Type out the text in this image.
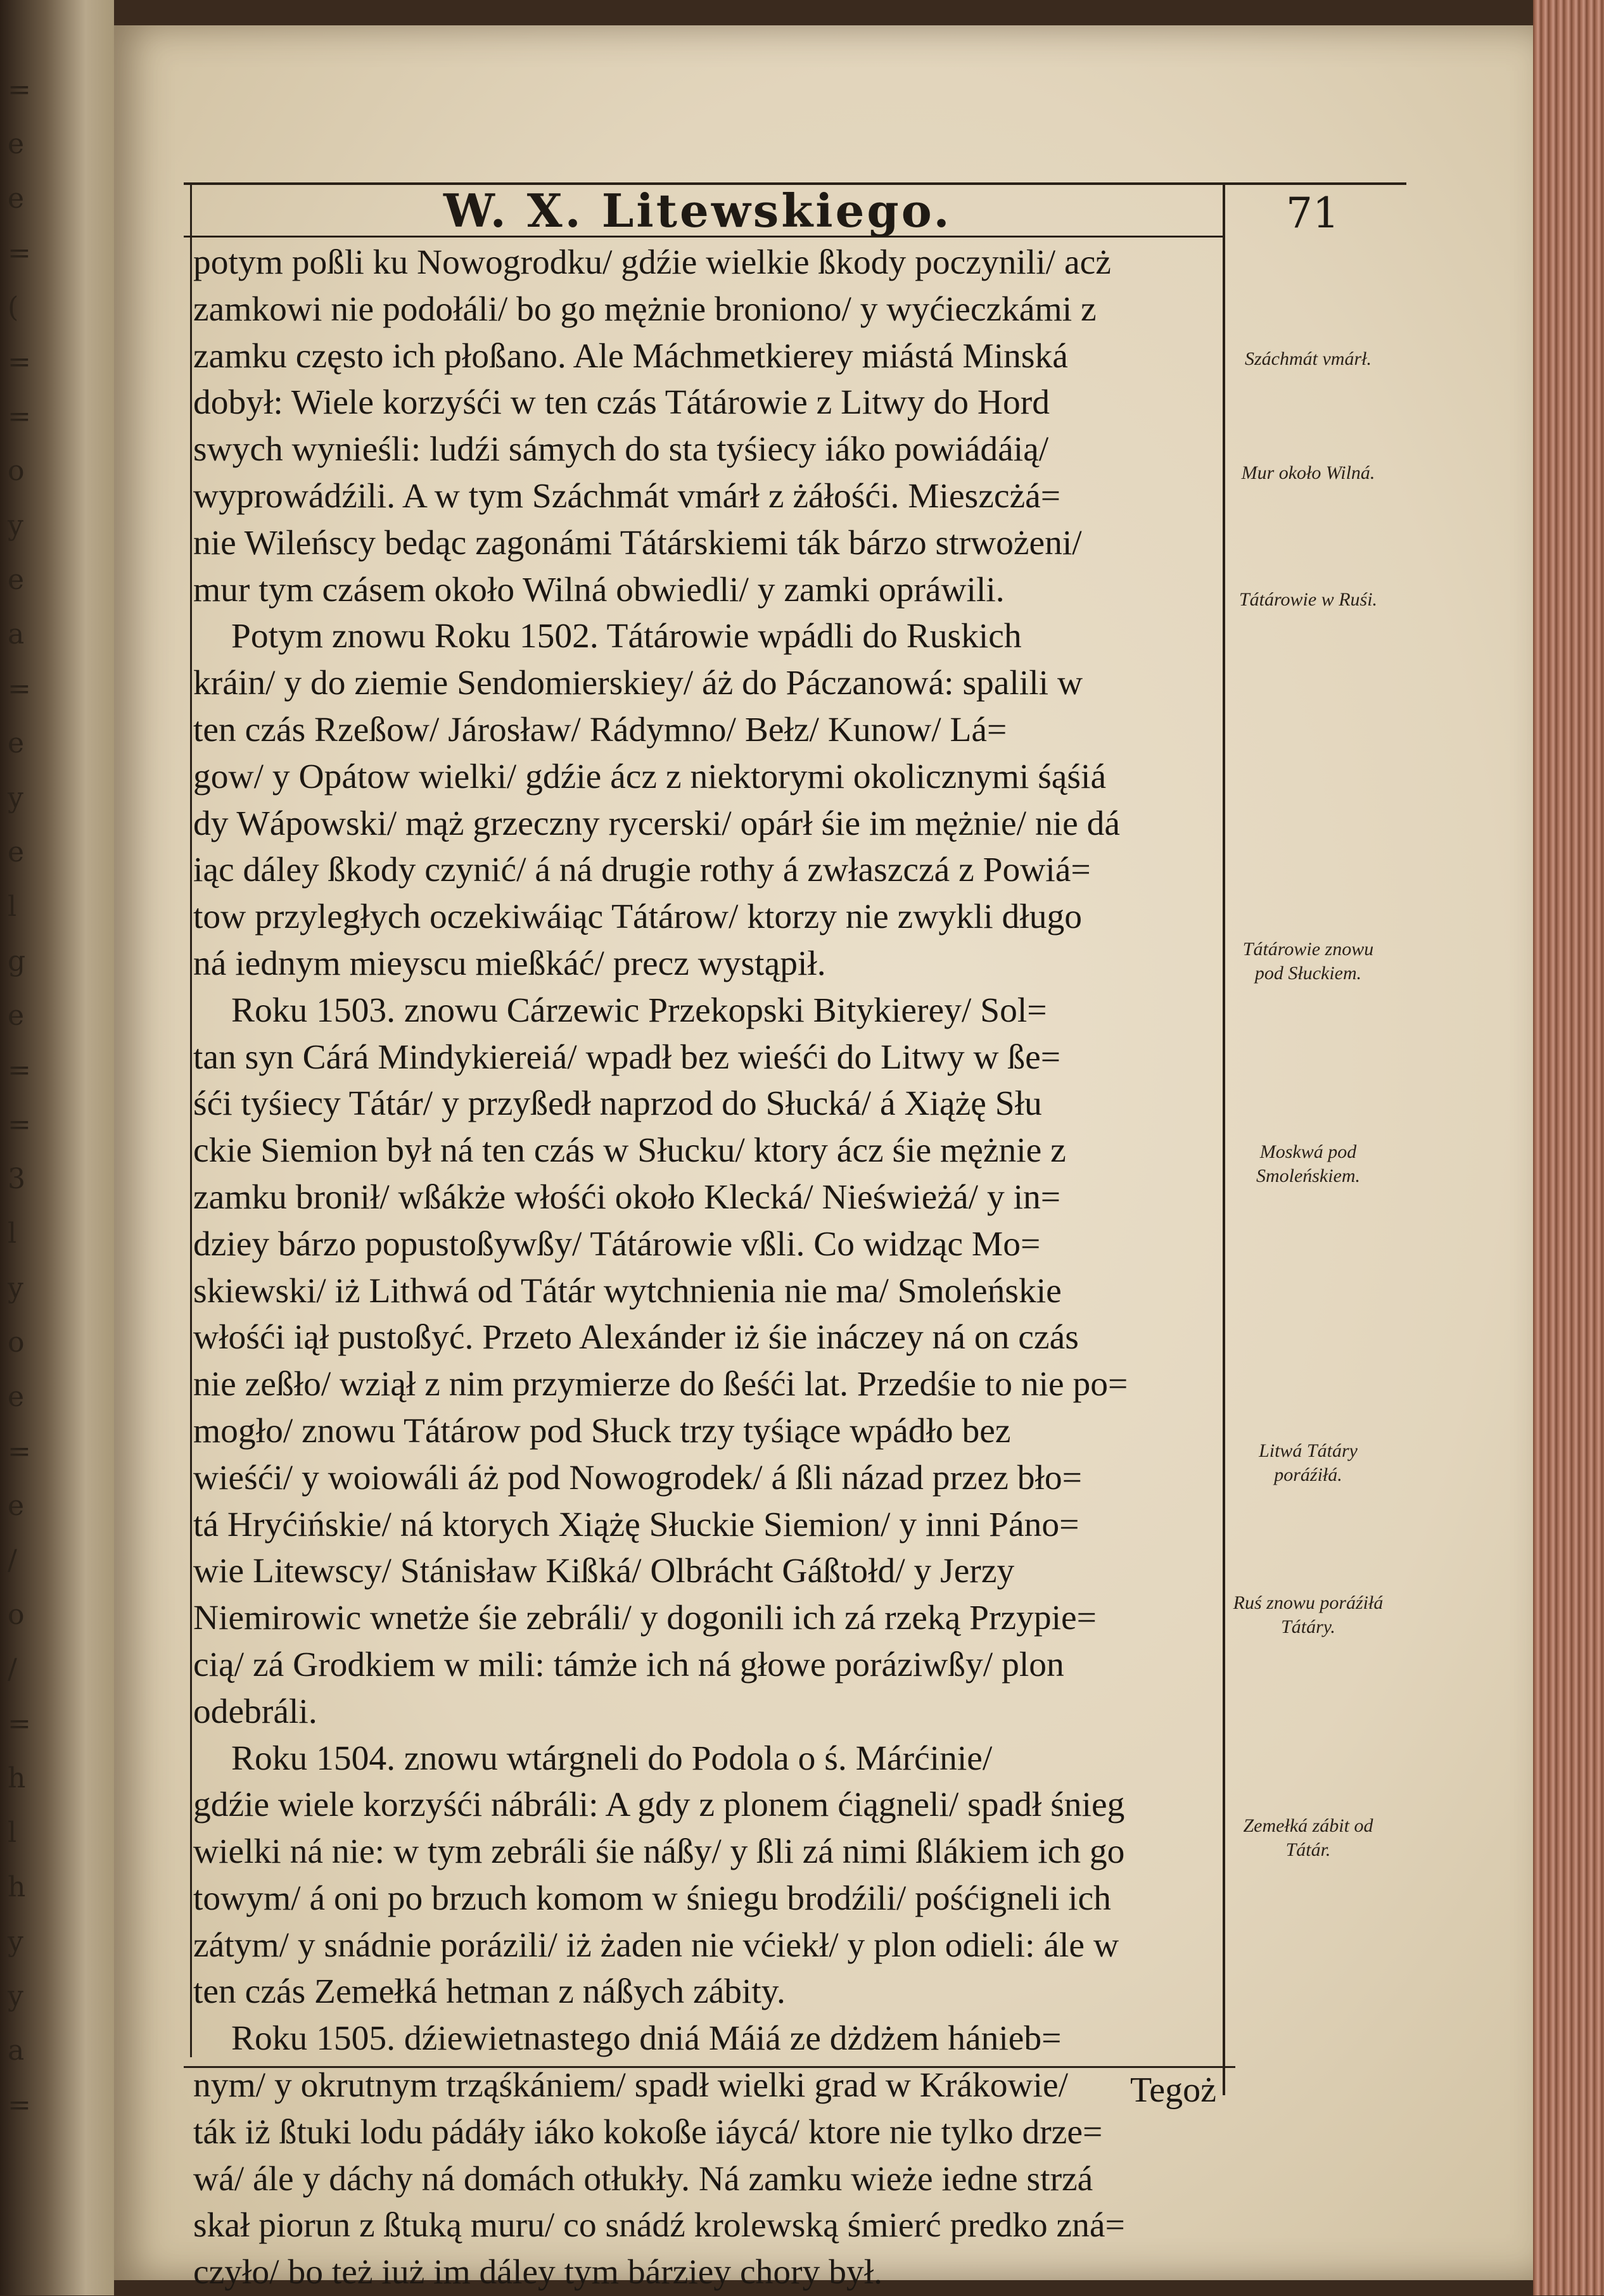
=
e
e
=
(
=
=
o
y
e
a
=
e
y
e
l
g
e
=
=
3
l
y
o
e
=
e
/
o
/
=
h
l
h
y
y
a
=
W. X. Litewskiego.	71
potym poßli ku Nowogrodku/ gdźie wielkie ßkody poczynili/ acż
zamkowi nie podołáli/ bo go mężnie broniono/ y wyćieczkámi z
zamku często ich płoßano. Ale Máchmetkierey miástá Minská
dobył: Wiele korzyśći w ten czás Tátárowie z Litwy do Hord
swych wynieśli: ludźi sámych do sta tyśiecy iáko powiádáią/
wyprowádźili. A w tym Száchmát vmárł z żáłośći. Mieszcżá=
nie Wileńscy bedąc zagonámi Tátárskiemi ták bárzo strwożeni/
mur tym czásem około Wilná obwiedli/ y zamki opráwili.
Potym znowu Roku 1502. Tátárowie wpádli do Ruskich
kráin/ y do ziemie Sendomierskiey/ áż do Páczanowá: spalili w
ten czás Rzeßow/ Járosław/ Rádymno/ Bełz/ Kunow/ Lá=
gow/ y Opátow wielki/ gdźie ácz z niektorymi okolicznymi śąśiá
dy Wápowski/ mąż grzeczny rycerski/ opárł śie im mężnie/ nie dá
iąc dáley ßkody czynić/ á ná drugie rothy á zwłaszczá z Powiá=
tow przyległych oczekiwáiąc Tátárow/ ktorzy nie zwykli długo
ná iednym mieyscu mießkáć/ precz wystąpił.
Roku 1503. znowu Cárzewic Przekopski Bitykierey/ Sol=
tan syn Cárá Mindykiereiá/ wpadł bez wieśći do Litwy w ße=
śći tyśiecy Tátár/ y przyßedł naprzod do Słucká/ á Xiążę Słu
ckie Siemion był ná ten czás w Słucku/ ktory ácz śie mężnie z
zamku bronił/ wßákże włośći około Klecká/ Nieświeżá/ y in=
dziey bárzo popustoßywßy/ Tátárowie vßli. Co widząc Mo=
skiewski/ iż Lithwá od Tátár wytchnienia nie ma/ Smoleńskie
włośći iął pustoßyć. Przeto Alexánder iż śie ináczey ná on czás
nie zeßło/ wziął z nim przymierze do ßeśći lat. Przedśie to nie po=
mogło/ znowu Tátárow pod Słuck trzy tyśiące wpádło bez
wieśći/ y woiowáli áż pod Nowogrodek/ á ßli názad przez bło=
tá Hryćińskie/ ná ktorych Xiążę Słuckie Siemion/ y inni Páno=
wie Litewscy/ Stánisław Kißká/ Olbrácht Gáßtołd/ y Jerzy
Niemirowic wnetże śie zebráli/ y dogonili ich zá rzeką Przypie=
cią/ zá Grodkiem w mili: támże ich ná głowe poráziwßy/ plon
odebráli.
Roku 1504. znowu wtárgneli do Podola o ś. Márćinie/
gdźie wiele korzyśći nábráli: A gdy z plonem ćiągneli/ spadł śnieg
wielki ná nie: w tym zebráli śie náßy/ y ßli zá nimi ßlákiem ich go
towym/ á oni po brzuch komom w śniegu brodźili/ pośćigneli ich
zátym/ y snádnie porázili/ iż żaden nie vćiekł/ y plon odieli: ále w
ten czás Zemełká hetman z náßych zábity.
Roku 1505. dźiewietnastego dniá Máiá ze dżdżem hánieb=
nym/ y okrutnym trząśkániem/ spadł wielki grad w Krákowie/
ták iż ßtuki lodu pádáły iáko kokoße iáycá/ ktore nie tylko drze=
wá/ ále y dáchy ná domách otłukły. Ná zamku wieże iedne strzá
skał piorun z ßtuką muru/ co snádź krolewską śmierć predko zná=
czyło/ bo też iuż im dáley tym bárziey chory był.
Száchmát vmárł.
Mur około Wilná.
Tátárowie w Ruśi.
Tátárowie znowu pod Słuckiem.
Moskwá pod Smoleńskiem.
Litwá Tátáry poráźiłá.
Ruś znowu poráźiłá Tátáry.
Zemełká zábit od Tátár.
Tegoż
